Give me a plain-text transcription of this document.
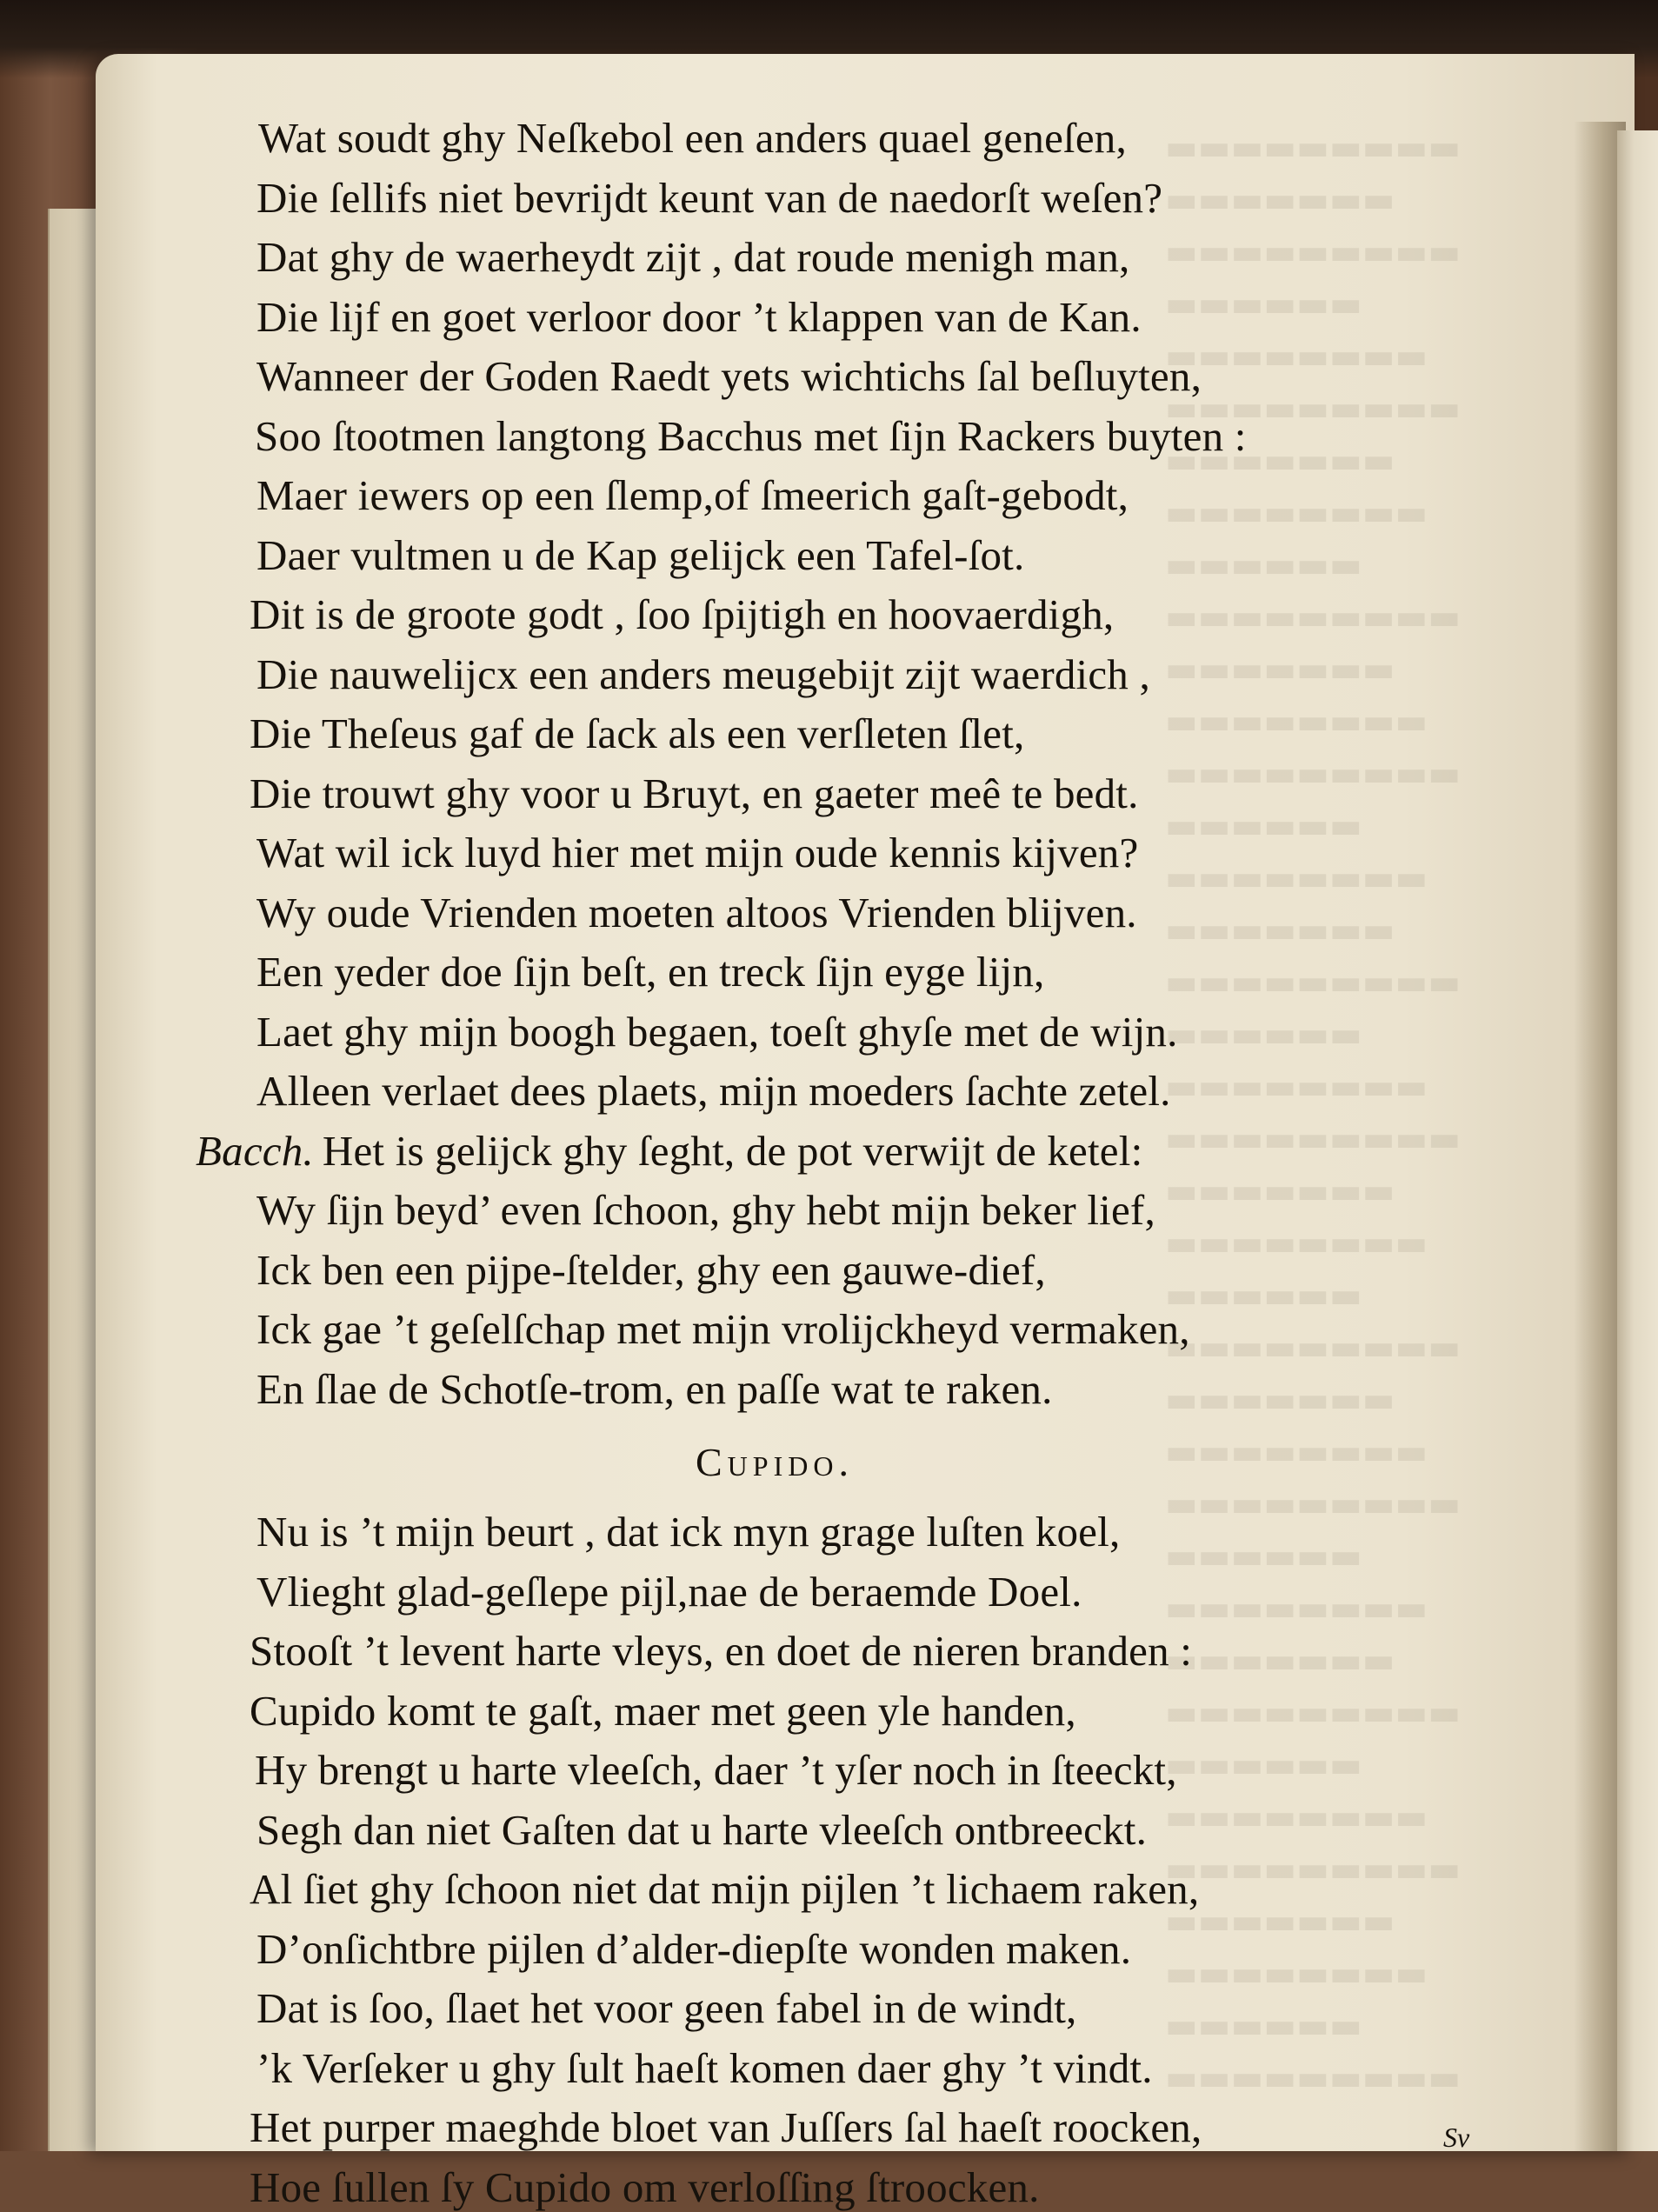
▬▬▬▬▬▬▬▬▬
▬▬▬▬▬▬▬
▬▬▬▬▬▬▬▬▬
▬▬▬▬▬▬
▬▬▬▬▬▬▬▬
▬▬▬▬▬▬▬▬▬
▬▬▬▬▬▬▬
▬▬▬▬▬▬▬▬
▬▬▬▬▬▬
▬▬▬▬▬▬▬▬▬
▬▬▬▬▬▬▬
▬▬▬▬▬▬▬▬
▬▬▬▬▬▬▬▬▬
▬▬▬▬▬▬
▬▬▬▬▬▬▬▬
▬▬▬▬▬▬▬
▬▬▬▬▬▬▬▬▬
▬▬▬▬▬▬
▬▬▬▬▬▬▬▬
▬▬▬▬▬▬▬▬▬
▬▬▬▬▬▬▬
▬▬▬▬▬▬▬▬
▬▬▬▬▬▬
▬▬▬▬▬▬▬▬▬
▬▬▬▬▬▬▬
▬▬▬▬▬▬▬▬
▬▬▬▬▬▬▬▬▬
▬▬▬▬▬▬
▬▬▬▬▬▬▬▬
▬▬▬▬▬▬▬
▬▬▬▬▬▬▬▬▬
▬▬▬▬▬▬
▬▬▬▬▬▬▬▬
▬▬▬▬▬▬▬▬▬
▬▬▬▬▬▬▬
▬▬▬▬▬▬▬▬
▬▬▬▬▬▬
▬▬▬▬▬▬▬▬▬
Wat soudt ghy Neſkebol een anders quael geneſen,
Die ſellifs niet bevrijdt keunt van de naedorſt weſen?
Dat ghy de waerheydt zijt , dat roude menigh man,
Die lijf en goet verloor door ’t klappen van de Kan.
Wanneer der Goden Raedt yets wichtichs ſal beſluyten,
Soo ſtootmen langtong Bacchus met ſijn Rackers buyten :
Maer iewers op een ſlemp,of ſmeerich gaſt-gebodt,
Daer vultmen u de Kap gelijck een Tafel-ſot.
Dit is de groote godt , ſoo ſpijtigh en hoovaerdigh,
Die nauwelijcx een anders meugebijt zijt waerdich ,
Die Theſeus gaf de ſack als een verſleten ſlet,
Die trouwt ghy voor u Bruyt, en gaeter meê te bedt.
Wat wil ick luyd hier met mijn oude kennis kijven?
Wy oude Vrienden moeten altoos Vrienden blijven.
Een yeder doe ſijn beſt, en treck ſijn eyge lijn,
Laet ghy mijn boogh begaen, toeſt ghyſe met de wijn.
Alleen verlaet dees plaets, mijn moeders ſachte zetel.
Bacch. Het is gelijck ghy ſeght, de pot verwijt de ketel:
Wy ſijn beyd’ even ſchoon, ghy hebt mijn beker lief,
Ick ben een pijpe-ſtelder, ghy een gauwe-dief,
Ick gae ’t geſelſchap met mijn vrolijckheyd vermaken,
En ſlae de Schotſe-trom, en paſſe wat te raken.
Cupido.
Nu is ’t mijn beurt , dat ick myn grage luſten koel,
Vlieght glad-geſlepe pijl,nae de beraemde Doel.
Stooſt ’t levent harte vleys, en doet de nieren branden :
Cupido komt te gaſt, maer met geen yle handen,
Hy brengt u harte vleeſch, daer ’t yſer noch in ſteeckt,
Segh dan niet Gaſten dat u harte vleeſch ontbreeckt.
Al ſiet ghy ſchoon niet dat mijn pijlen ’t lichaem raken,
D’onſichtbre pijlen d’alder-diepſte wonden maken.
Dat is ſoo, ſlaet het voor geen fabel in de windt,
’k Verſeker u ghy ſult haeſt komen daer ghy ’t vindt.
Het purper maeghde bloet van Juſſers ſal haeſt roocken,
Hoe ſullen ſy Cupido om verloſſing ſtroocken.
Sv
